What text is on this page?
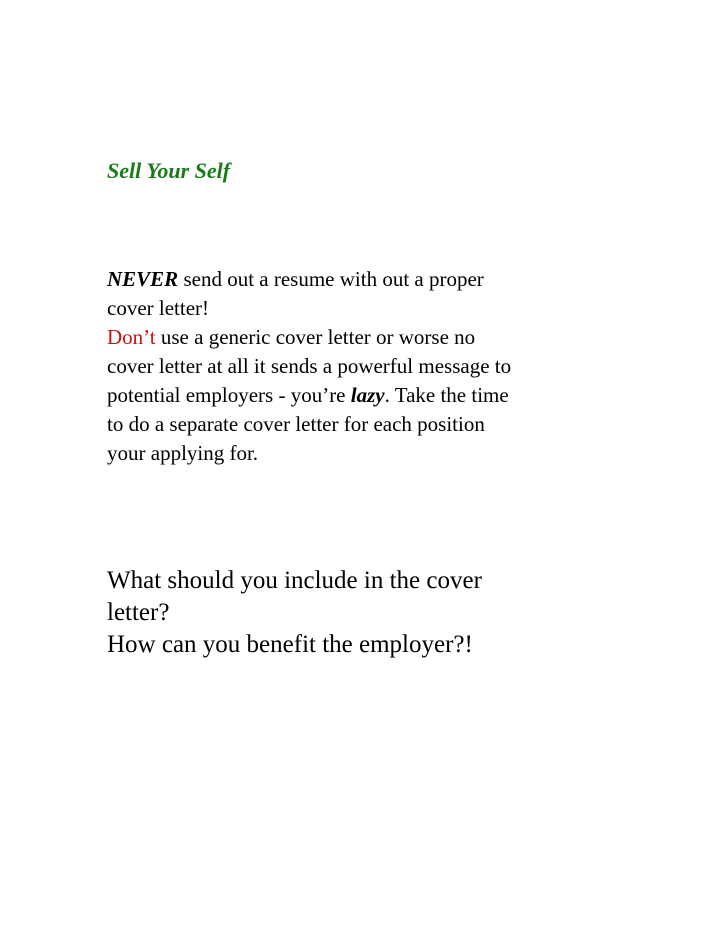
Sell Your Self
NEVER send out a resume with out a proper
cover letter!
Don’t use a generic cover letter or worse no
cover letter at all it sends a powerful message to
potential employers - you’re lazy. Take the time
to do a separate cover letter for each position
your applying for.
What should you include in the cover
letter?
How can you benefit the employer?!
